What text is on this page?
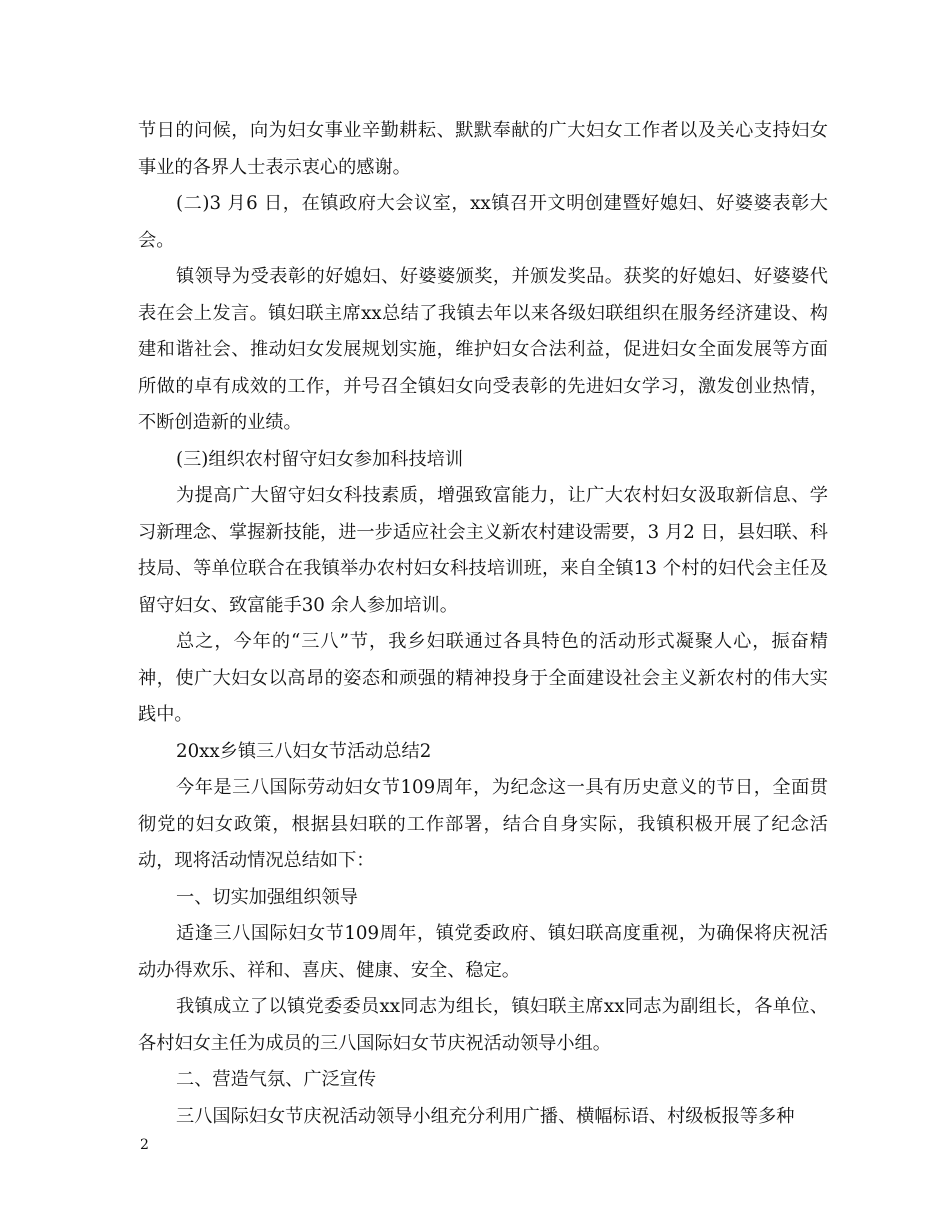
节日的问候，向为妇女事业辛勤耕耘、默默奉献的广大妇女工作者以及关心支持妇女事业的各界人士表示衷心的感谢。

(二)3 月6 日，在镇政府大会议室，xx镇召开文明创建暨好媳妇、好婆婆表彰大会。

镇领导为受表彰的好媳妇、好婆婆颁奖，并颁发奖品。获奖的好媳妇、好婆婆代表在会上发言。镇妇联主席xx总结了我镇去年以来各级妇联组织在服务经济建设、构建和谐社会、推动妇女发展规划实施，维护妇女合法利益，促进妇女全面发展等方面所做的卓有成效的工作，并号召全镇妇女向受表彰的先进妇女学习，激发创业热情，不断创造新的业绩。

(三)组织农村留守妇女参加科技培训

为提高广大留守妇女科技素质，增强致富能力，让广大农村妇女汲取新信息、学习新理念、掌握新技能，进一步适应社会主义新农村建设需要，3 月2 日，县妇联、科技局、等单位联合在我镇举办农村妇女科技培训班，来自全镇13 个村的妇代会主任及留守妇女、致富能手30 余人参加培训。

总之，今年的“三八”节，我乡妇联通过各具特色的活动形式凝聚人心，振奋精神，使广大妇女以高昂的姿态和顽强的精神投身于全面建设社会主义新农村的伟大实践中。

20xx乡镇三八妇女节活动总结2

今年是三八国际劳动妇女节109周年，为纪念这一具有历史意义的节日，全面贯彻党的妇女政策，根据县妇联的工作部署，结合自身实际，我镇积极开展了纪念活动，现将活动情况总结如下：

一、切实加强组织领导

适逢三八国际妇女节109周年，镇党委政府、镇妇联高度重视，为确保将庆祝活动办得欢乐、祥和、喜庆、健康、安全、稳定。

我镇成立了以镇党委委员xx同志为组长，镇妇联主席xx同志为副组长，各单位、各村妇女主任为成员的三八国际妇女节庆祝活动领导小组。

二、营造气氛、广泛宣传

三八国际妇女节庆祝活动领导小组充分利用广播、横幅标语、村级板报等多种

2
